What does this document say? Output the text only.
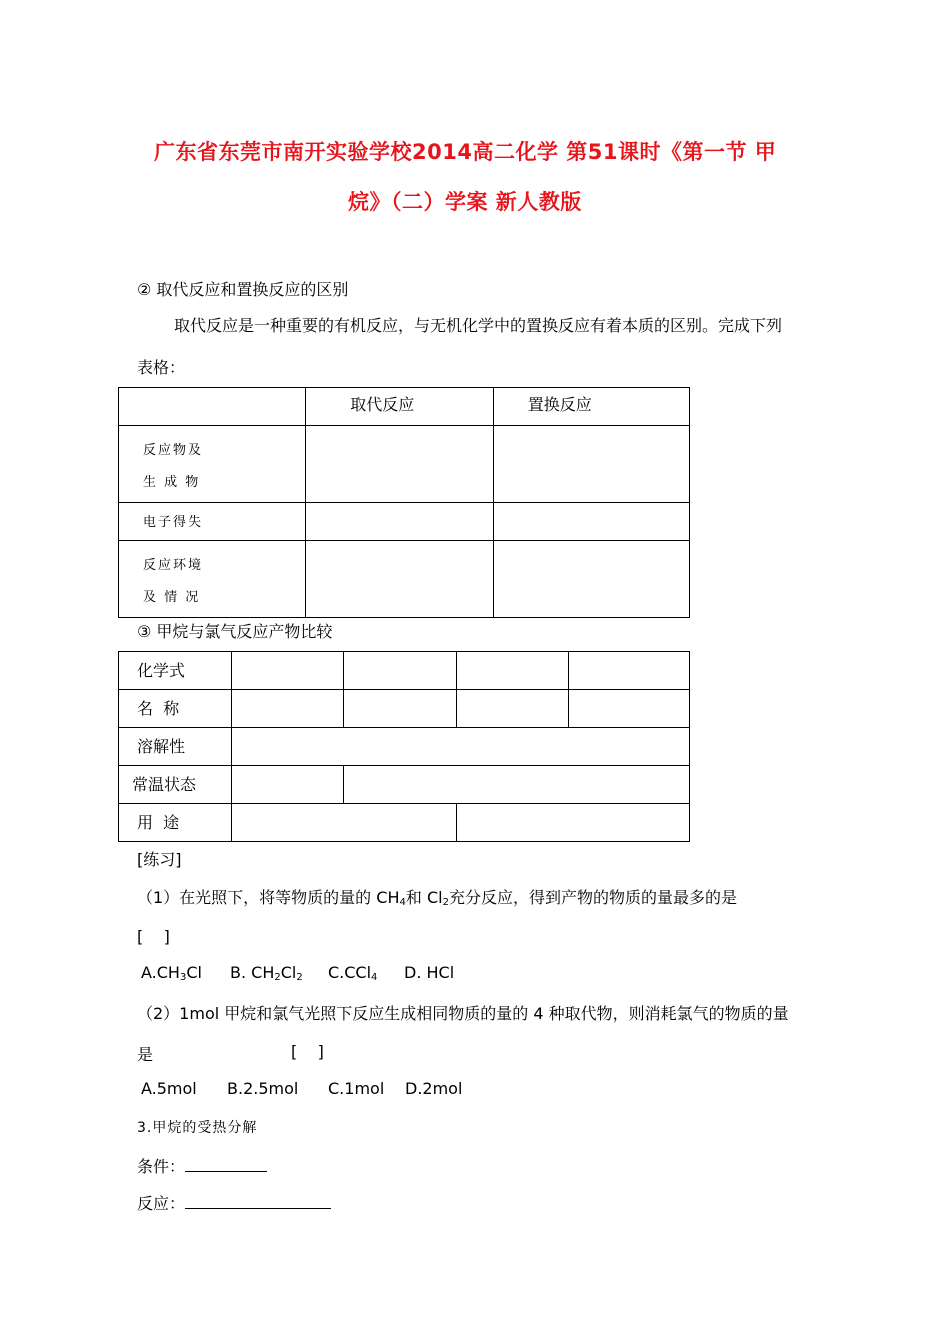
广东省东莞市南开实验学校2014高二化学 第51课时《第一节 甲
烷》（二）学案 新人教版
② 取代反应和置换反应的区别
取代反应是一种重要的有机反应，与无机化学中的置换反应有着本质的区别。完成下列
表格：

	取代反应	置换反应

反应物及
生 成 物		

电子得失		

反应环境
及 情 况		

③ 甲烷与氯气反应产物比较
化学式				

名  称				

溶解性				

常温状态				

用  途				

[练习]
（1）在光照下，将等物质的量的 $CH_4$和 $Cl_2$充分反应，得到产物的物质的量最多的是
[    ]
$A.CH_3Cl$ B. $CH_2Cl_2$ C.CCl$_4$ D. HCl
（2）1mol 甲烷和氯气光照下反应生成相同物质的量的 4 种取代物，则消耗氯气的物质的量
是	[    ]
A.5mol B.2.5mol C.1mol D.2mol
3.甲烷的受热分解
条件：
反应：
